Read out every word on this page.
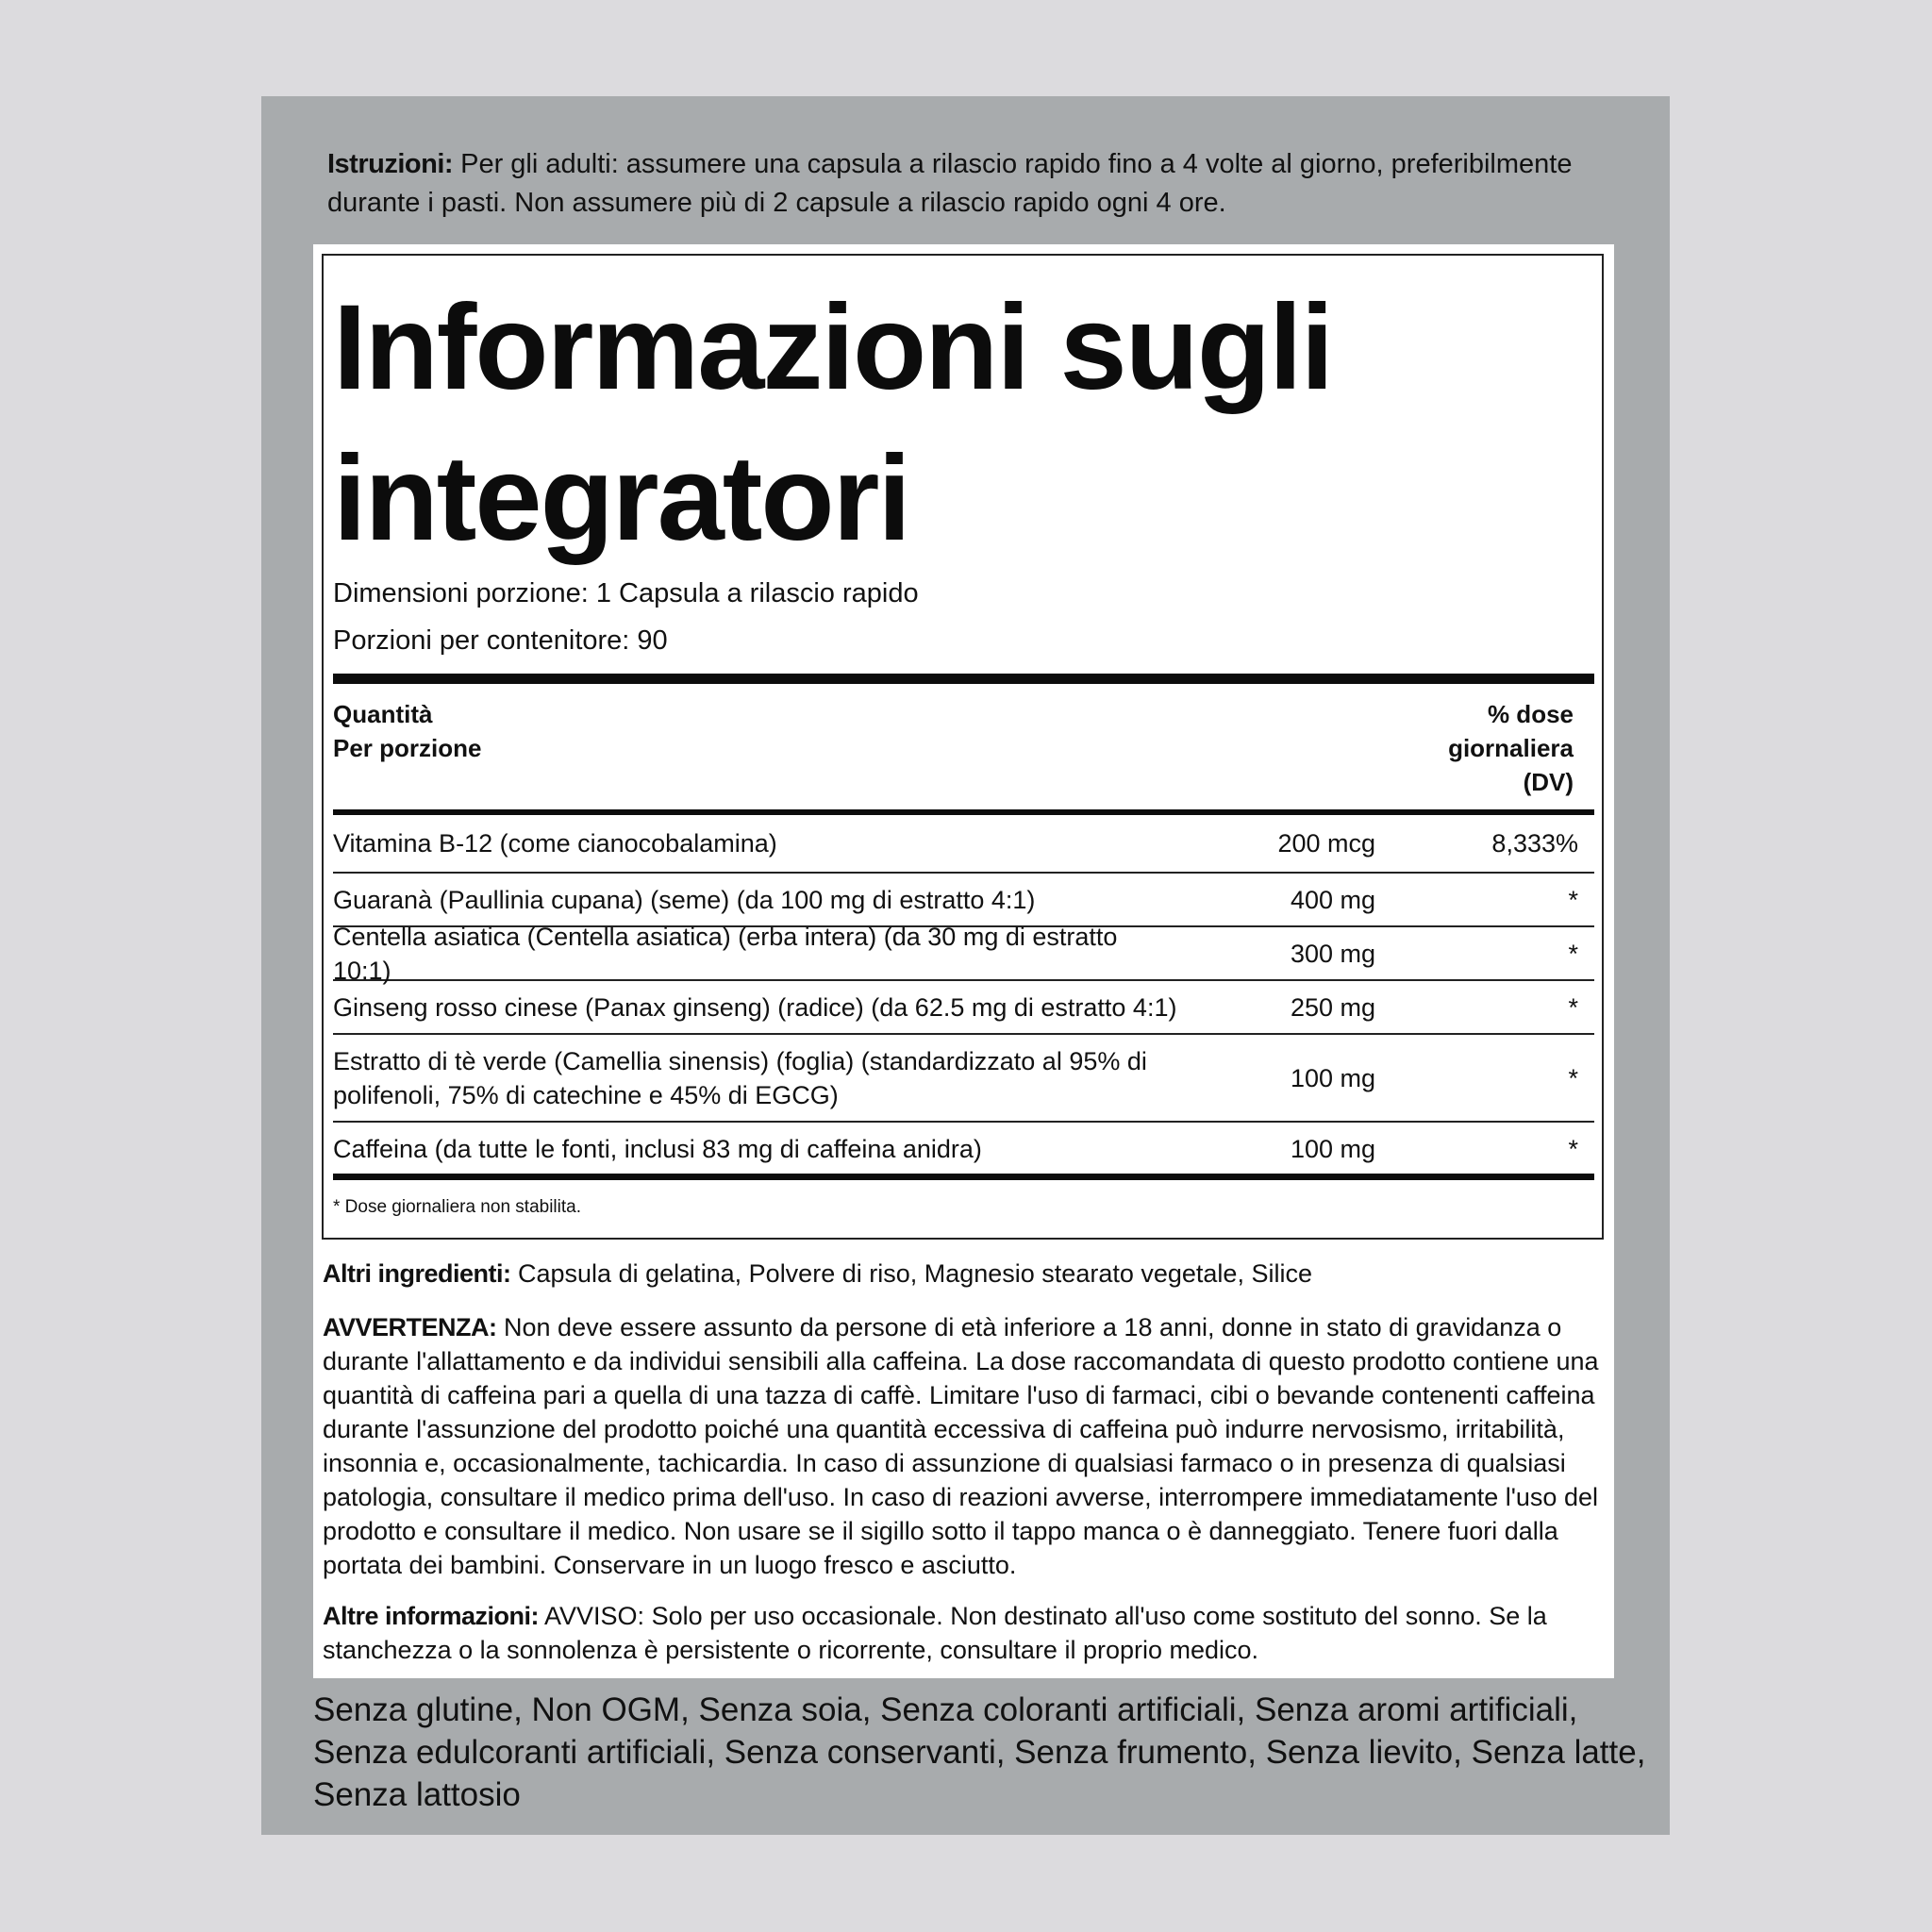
Istruzioni: Per gli adulti: assumere una capsula a rilascio rapido fino a 4 volte al giorno, preferibilmente durante i pasti. Non assumere più di 2 capsule a rilascio rapido ogni 4 ore.
Informazioni sugli integratori
Dimensioni porzione: 1 Capsula a rilascio rapido
Porzioni per contenitore: 90
Quantità
Per porzione
% dose
giornaliera
(DV)
Vitamina B-12 (come cianocobalamina)	200 mcg	8,333%
Guaranà (Paullinia cupana) (seme) (da 100 mg di estratto 4:1)	400 mg	*
Centella asiatica (Centella asiatica) (erba intera) (da 30 mg di estratto 10:1)
300 mg	*
Ginseng rosso cinese (Panax ginseng) (radice) (da 62.5 mg di estratto 4:1)	250 mg	*
Estratto di tè verde (Camellia sinensis) (foglia) (standardizzato al 95% di polifenoli, 75% di catechine e 45% di EGCG)
100 mg	*
Caffeina (da tutte le fonti, inclusi 83 mg di caffeina anidra)	100 mg	*
* Dose giornaliera non stabilita.
Altri ingredienti: Capsula di gelatina, Polvere di riso, Magnesio stearato vegetale, Silice
AVVERTENZA: Non deve essere assunto da persone di età inferiore a 18 anni, donne in stato di gravidanza o durante l'allattamento e da individui sensibili alla caffeina. La dose raccomandata di questo prodotto contiene una quantità di caffeina pari a quella di una tazza di caffè. Limitare l'uso di farmaci, cibi o bevande contenenti caffeina durante l'assunzione del prodotto poiché una quantità eccessiva di caffeina può indurre nervosismo, irritabilità, insonnia e, occasionalmente, tachicardia. In caso di assunzione di qualsiasi farmaco o in presenza di qualsiasi patologia, consultare il medico prima dell'uso. In caso di reazioni avverse, interrompere immediatamente l'uso del prodotto e consultare il medico. Non usare se il sigillo sotto il tappo manca o è danneggiato. Tenere fuori dalla portata dei bambini. Conservare in un luogo fresco e asciutto.
Altre informazioni: AVVISO: Solo per uso occasionale. Non destinato all'uso come sostituto del sonno. Se la stanchezza o la sonnolenza è persistente o ricorrente, consultare il proprio medico.
Senza glutine, Non OGM, Senza soia, Senza coloranti artificiali, Senza aromi artificiali, Senza edulcoranti artificiali, Senza conservanti, Senza frumento, Senza lievito, Senza latte, Senza lattosio
